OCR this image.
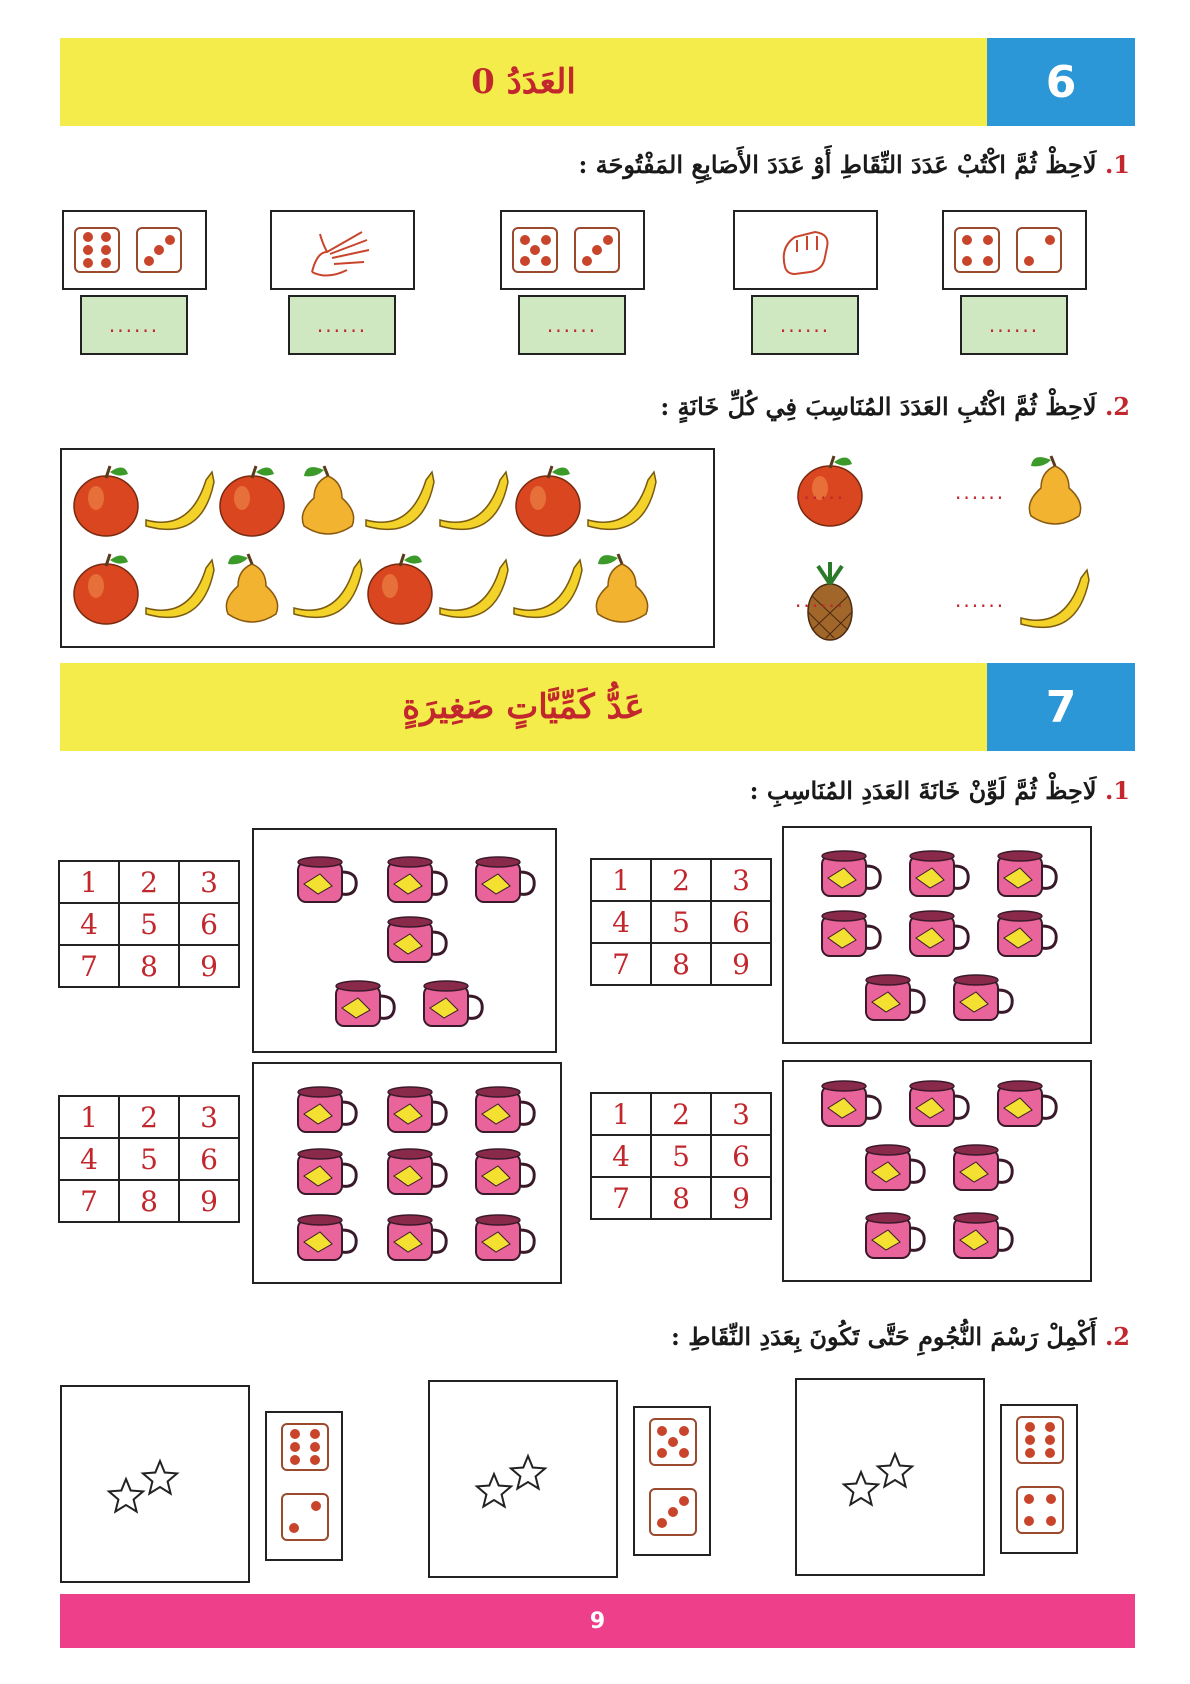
العَدَدُ 0	6
1. لَاحِظْ ثُمَّ اكْتُبْ عَدَدَ النِّقَاطِ أَوْ عَدَدَ الأَصَابِعِ المَفْتُوحَة :
......	......	......	......	......
2. لَاحِظْ ثُمَّ اكْتُبِ العَدَدَ المُنَاسِبَ فِي كُلِّ خَانَةٍ :
......	......
......	......
عَدُّ كَمِّيَّاتٍ صَغِيرَةٍ	7
1. لَاحِظْ ثُمَّ لَوِّنْ خَانَةَ العَدَدِ المُنَاسِبِ :
1	2	3
4	5	6
7	8	9
1	2	3
4	5	6
7	8	9
1	2	3
4	5	6
7	8	9
1	2	3
4	5	6
7	8	9
2. أَكْمِلْ رَسْمَ النُّجُومِ حَتَّى تَكُونَ بِعَدَدِ النِّقَاطِ :
9
